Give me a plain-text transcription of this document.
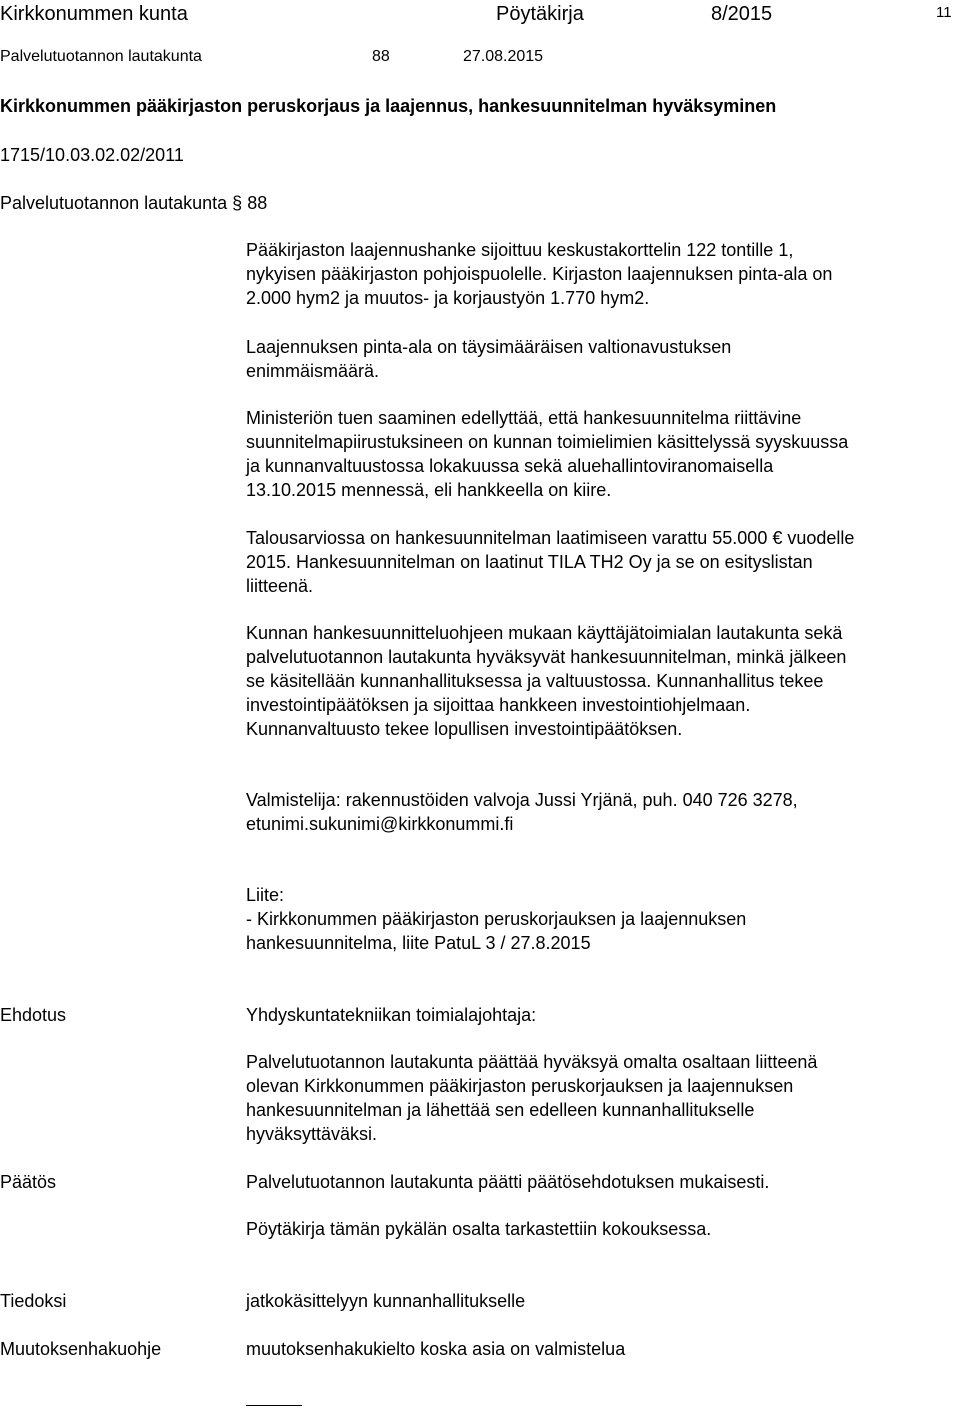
Kirkkonummen kunta	Pöytäkirja	8/2015	11
Palvelutuotannon lautakunta	88	27.08.2015
Kirkkonummen pääkirjaston peruskorjaus ja laajennus, hankesuunnitelman hyväksyminen
1715/10.03.02.02/2011
Palvelutuotannon lautakunta § 88
Pääkirjaston laajennushanke sijoittuu keskustakorttelin 122 tontille 1,
nykyisen pääkirjaston pohjoispuolelle. Kirjaston laajennuksen pinta-ala on
2.000 hym2 ja muutos- ja korjaustyön 1.770 hym2.
Laajennuksen pinta-ala on täysimääräisen valtionavustuksen
enimmäismäärä.
Ministeriön tuen saaminen edellyttää, että hankesuunnitelma riittävine
suunnitelmapiirustuksineen on kunnan toimielimien käsittelyssä syyskuussa
ja kunnanvaltuustossa lokakuussa sekä aluehallintoviranomaisella
13.10.2015 mennessä, eli hankkeella on kiire.
Talousarviossa on hankesuunnitelman laatimiseen varattu 55.000 € vuodelle
2015. Hankesuunnitelman on laatinut TILA TH2 Oy ja se on esityslistan
liitteenä.
Kunnan hankesuunnitteluohjeen mukaan käyttäjätoimialan lautakunta sekä
palvelutuotannon lautakunta hyväksyvät hankesuunnitelman, minkä jälkeen
se käsitellään kunnanhallituksessa ja valtuustossa. Kunnanhallitus tekee
investointipäätöksen ja sijoittaa hankkeen investointiohjelmaan.
Kunnanvaltuusto tekee lopullisen investointipäätöksen.
Valmistelija: rakennustöiden valvoja Jussi Yrjänä, puh. 040 726 3278,
etunimi.sukunimi@kirkkonummi.fi
Liite:
- Kirkkonummen pääkirjaston peruskorjauksen ja laajennuksen
hankesuunnitelma, liite PatuL 3 / 27.8.2015
Ehdotus	Yhdyskuntatekniikan toimialajohtaja:
Palvelutuotannon lautakunta päättää hyväksyä omalta osaltaan liitteenä
olevan Kirkkonummen pääkirjaston peruskorjauksen ja laajennuksen
hankesuunnitelman ja lähettää sen edelleen kunnanhallitukselle
hyväksyttäväksi.
Päätös	Palvelutuotannon lautakunta päätti päätösehdotuksen mukaisesti.
Pöytäkirja tämän pykälän osalta tarkastettiin kokouksessa.
Tiedoksi	jatkokäsittelyyn kunnanhallitukselle
Muutoksenhakuohje	muutoksenhakukielto koska asia on valmistelua
